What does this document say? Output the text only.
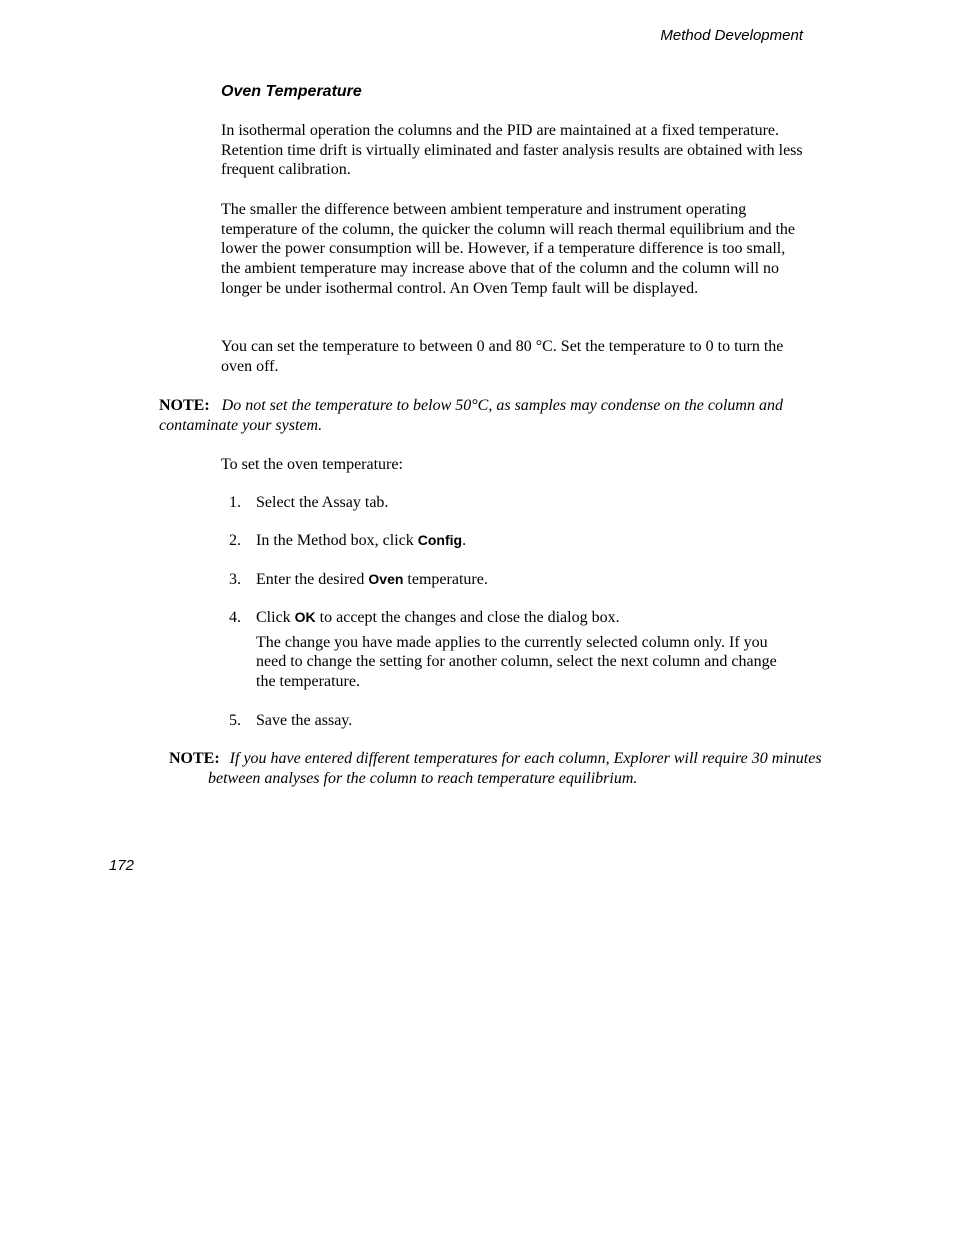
Method Development
Oven Temperature
In isothermal operation the columns and the PID are maintained at a fixed temperature. Retention time drift is virtually eliminated and faster analysis results are obtained with less frequent calibration.
The smaller the difference between ambient temperature and instrument operating temperature of the column, the quicker the column will reach thermal equilibrium and the lower the power consumption will be. However, if a temperature difference is too small, the ambient temperature may increase above that of the column and the column will no longer be under isothermal control. An Oven Temp fault will be displayed.
You can set the temperature to between 0 and 80 °C. Set the temperature to 0 to turn the oven off.
NOTE: Do not set the temperature to below 50°C, as samples may condense on the column and contaminate your system.
To set the oven temperature:
1. Select the Assay tab.
2. In the Method box, click Config.
3. Enter the desired Oven temperature.
4. Click OK to accept the changes and close the dialog box.
The change you have made applies to the currently selected column only. If you need to change the setting for another column, select the next column and change the temperature.
5. Save the assay.
NOTE: If you have entered different temperatures for each column, Explorer will require 30 minutes between analyses for the column to reach temperature equilibrium.
172
